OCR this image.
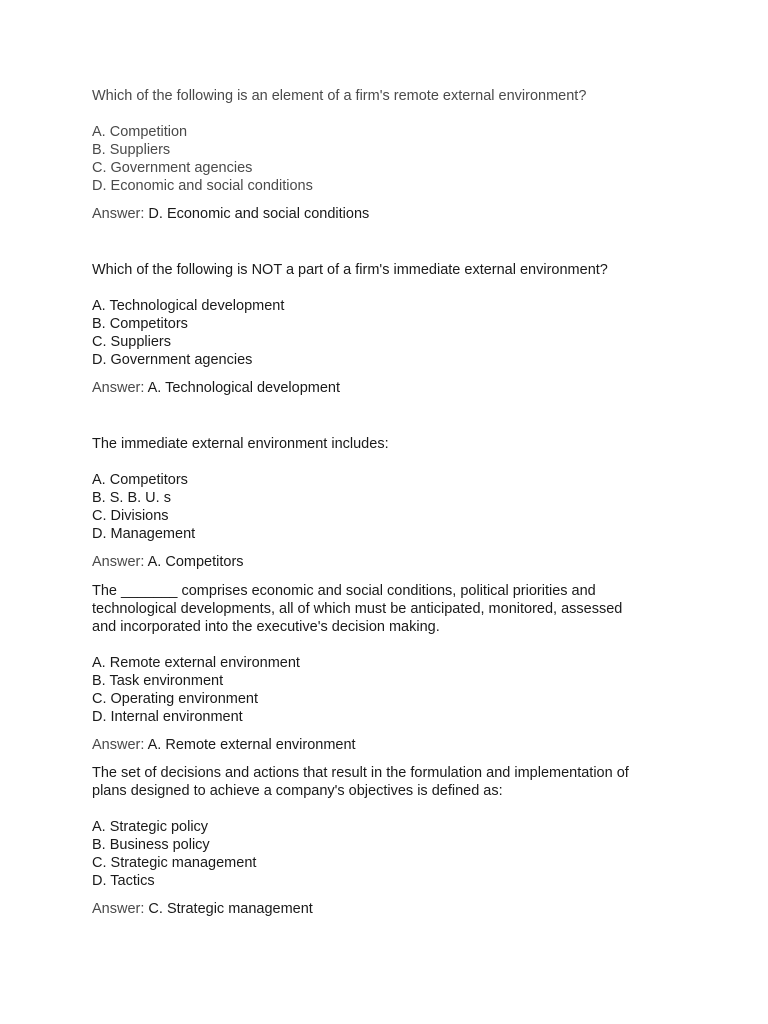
Which of the following is an element of a firm's remote external environment?
A. Competition
B. Suppliers
C. Government agencies
D. Economic and social conditions
Answer: D. Economic and social conditions
Which of the following is NOT a part of a firm's immediate external environment?
A. Technological development
B. Competitors
C. Suppliers
D. Government agencies
Answer: A. Technological development
The immediate external environment includes:
A. Competitors
B. S. B. U. s
C. Divisions
D. Management
Answer: A. Competitors
The _______ comprises economic and social conditions, political priorities and
technological developments, all of which must be anticipated, monitored, assessed
and incorporated into the executive's decision making.
A. Remote external environment
B. Task environment
C. Operating environment
D. Internal environment
Answer: A. Remote external environment
The set of decisions and actions that result in the formulation and implementation of
plans designed to achieve a company's objectives is defined as:
A. Strategic policy
B. Business policy
C. Strategic management
D. Tactics
Answer: C. Strategic management
